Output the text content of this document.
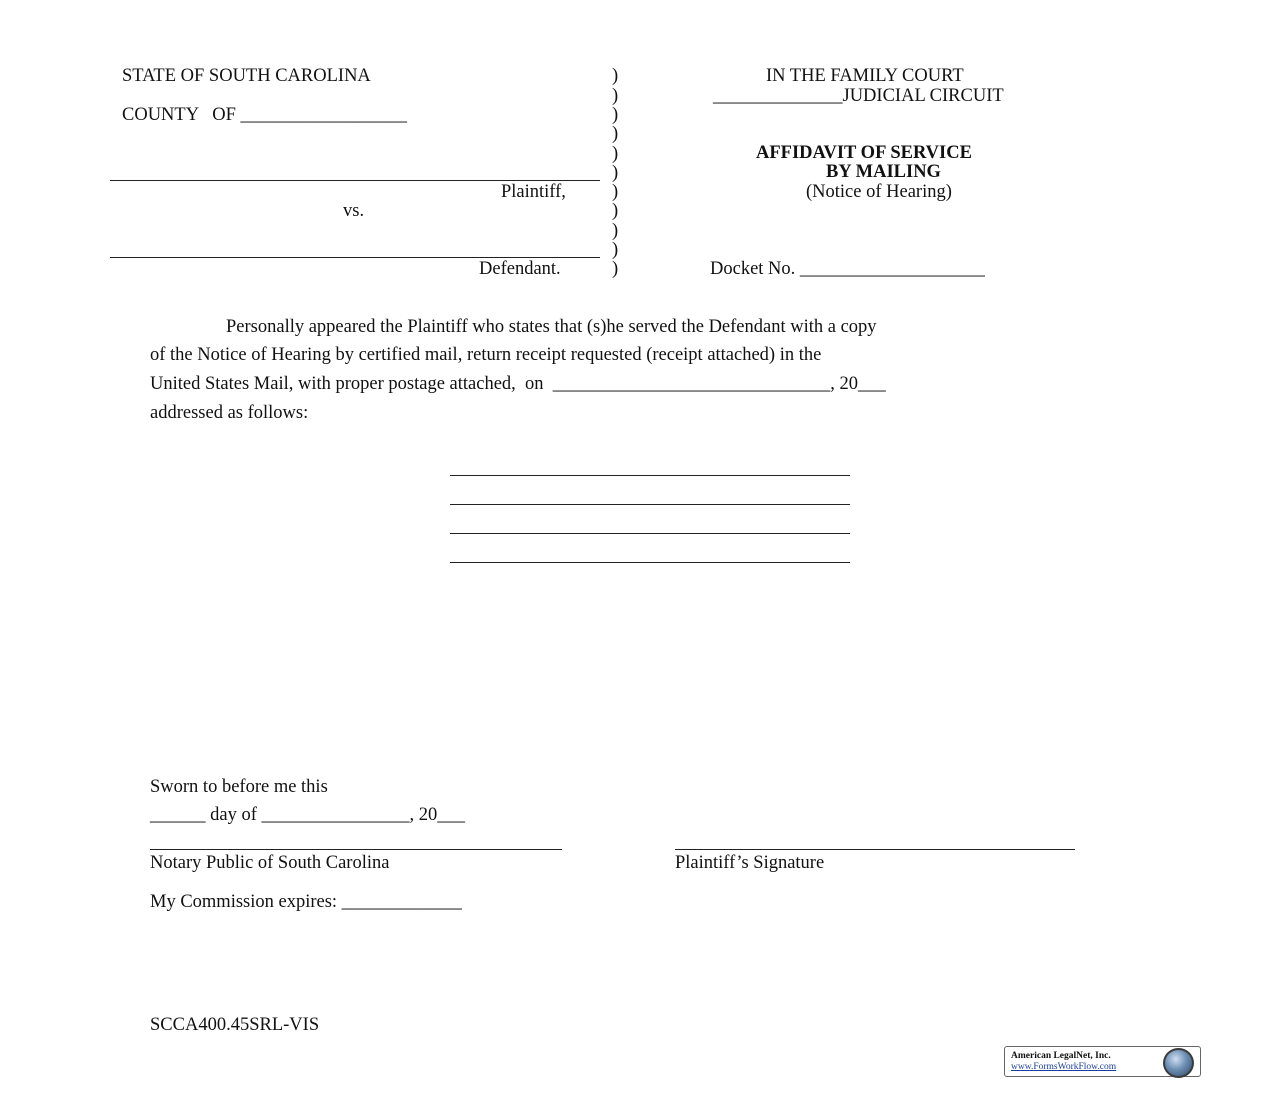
STATE OF SOUTH CAROLINA
COUNTY   OF __________________
Plaintiff,
vs.
Defendant.
)
)
)
)
)
)
)
)
)
)
)
IN THE FAMILY COURT
______________JUDICIAL CIRCUIT
AFFIDAVIT OF SERVICE
BY MAILING
(Notice of Hearing)
Docket No. ____________________
Personally appeared the Plaintiff who states that (s)he served the Defendant with a copy
of the Notice of Hearing by certified mail, return receipt requested (receipt attached) in the
United States Mail, with proper postage attached,  on  ______________________________, 20___
addressed as follows:
Sworn to before me this
______ day of ________________, 20___
Notary Public of South Carolina	Plaintiff’s Signature
My Commission expires: _____________
SCCA400.45SRL-VIS
American LegalNet, Inc.
www.FormsWorkFlow.com
